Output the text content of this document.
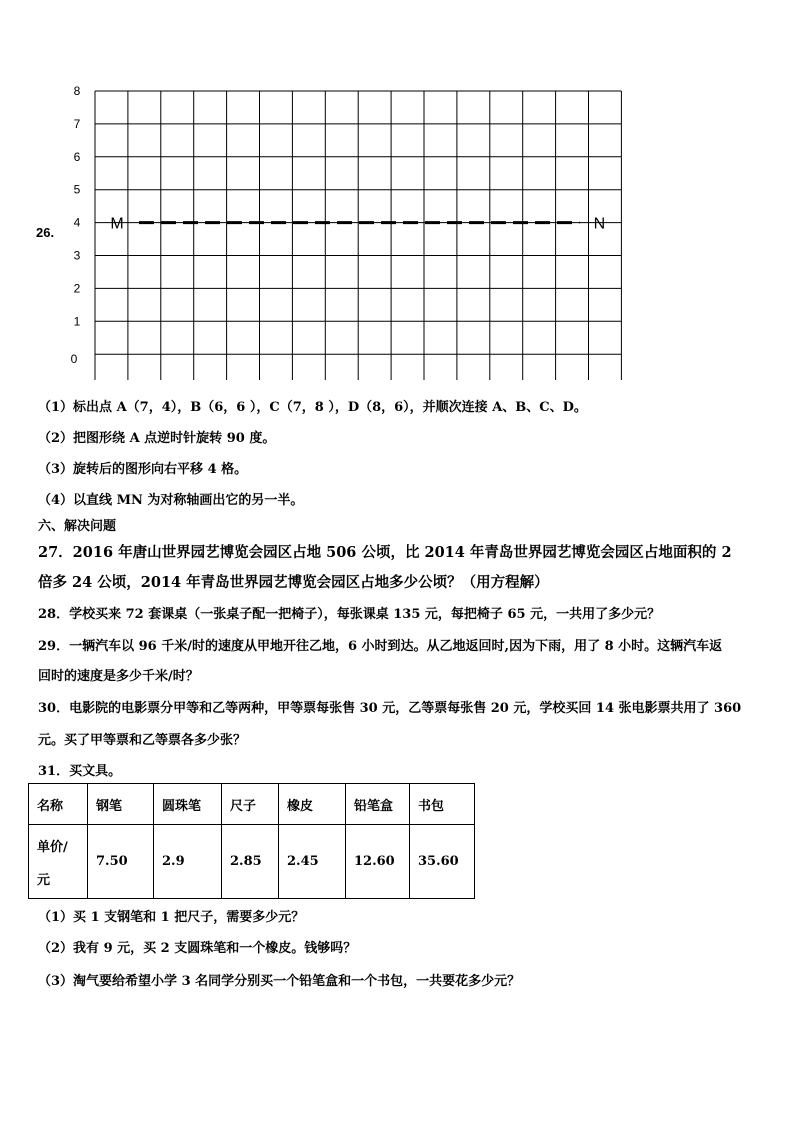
26.
1
2
3
4
5
6
7
8
0
M	N
（1）标出点 A（7，4），B（6，6 ），C（7，8 ），D（8，6），并顺次连接 A、B、C、D。
（2）把图形绕 A 点逆时针旋转 90 度。
（3）旋转后的图形向右平移 4 格。
（4）以直线 MN 为对称轴画出它的另一半。
六、解决问题
27．2016 年唐山世界园艺博览会园区占地 506 公顷，比 2014 年青岛世界园艺博览会园区占地面积的 2
倍多 24 公顷，2014 年青岛世界园艺博览会园区占地多少公顷？（用方程解）
28．学校买来 72 套课桌（一张桌子配一把椅子），每张课桌 135 元，每把椅子 65 元，一共用了多少元？
29．一辆汽车以 96 千米/时的速度从甲地开往乙地，6 小时到达。从乙地返回时,因为下雨，用了 8 小时。这辆汽车返
回时的速度是多少千米/时？
30．电影院的电影票分甲等和乙等两种，甲等票每张售 30 元，乙等票每张售 20 元，学校买回 14 张电影票共用了 360
元。买了甲等票和乙等票各多少张？
31．买文具。
名称	钢笔	圆珠笔	尺子	橡皮	铅笔盒	书包

单价/
元	7.50	2.9	2.85	2.45	12.60	35.60
（1）买 1 支钢笔和 1 把尺子，需要多少元？
（2）我有 9 元，买 2 支圆珠笔和一个橡皮。钱够吗？
（3）淘气要给希望小学 3 名同学分别买一个铅笔盒和一个书包，一共要花多少元？
